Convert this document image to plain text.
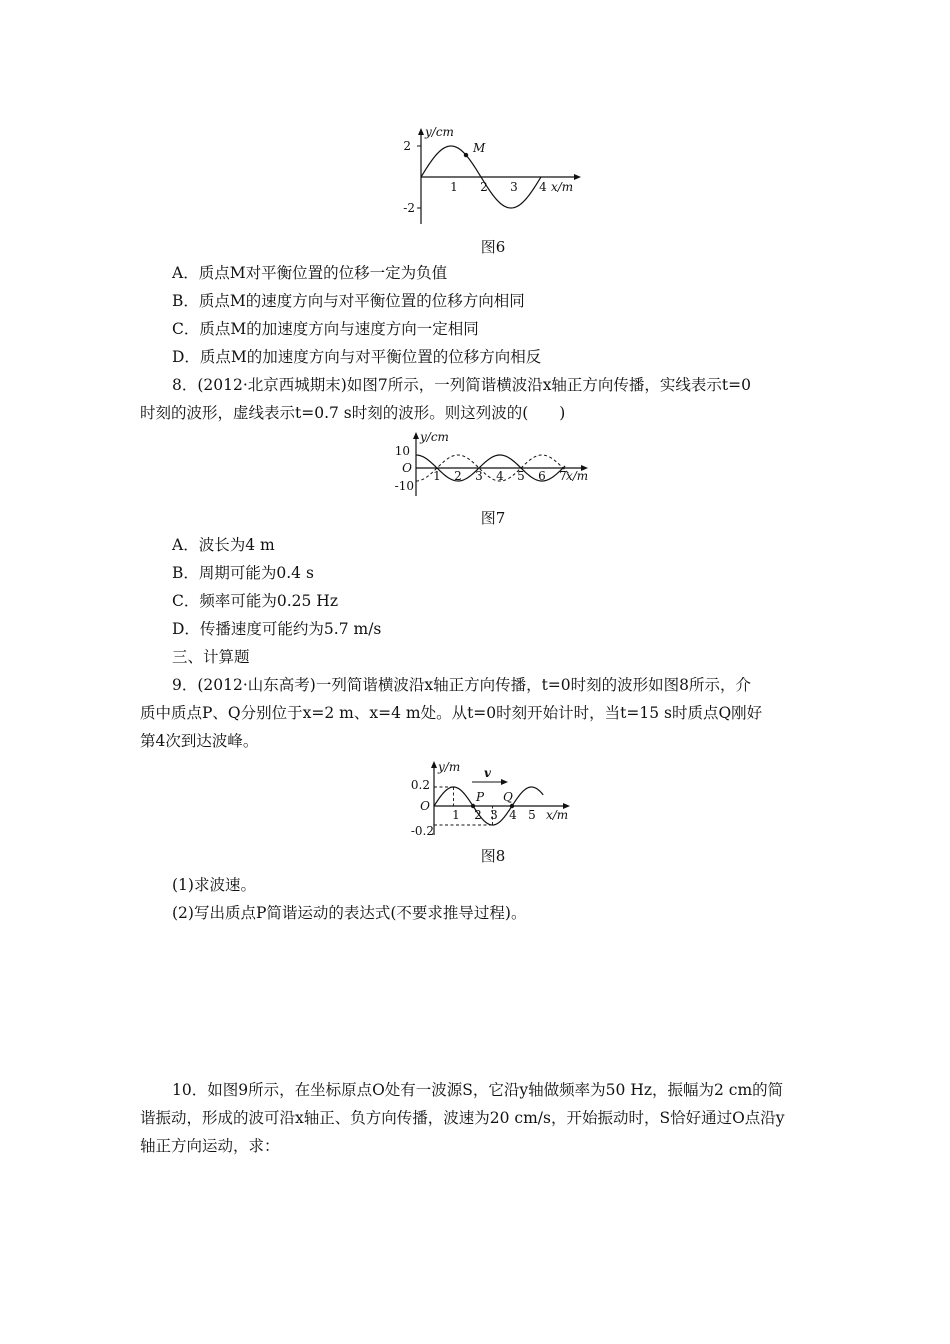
y/cm
2
-2
1 2 3 4 x/m
M
图6
A．质点M对平衡位置的位移一定为负值
B．质点M的速度方向与对平衡位置的位移方向相同
C．质点M的加速度方向与速度方向一定相同
D．质点M的加速度方向与对平衡位置的位移方向相反
8．(2012·北京西城期末)如图7所示，一列简谐横波沿x轴正方向传播，实线表示t=0
时刻的波形，虚线表示t=0.7 s时刻的波形。则这列波的(　　)
y/cm
10
O
-10
1 2 3 4 5 6 7 x/m
图7
A．波长为4 m
B．周期可能为0.4 s
C．频率可能为0.25 Hz
D．传播速度可能约为5.7 m/s
三、计算题
9．(2012·山东高考)一列简谐横波沿x轴正方向传播，t=0时刻的波形如图8所示，介
质中质点P、Q分别位于x=2 m、x=4 m处。从t=0时刻开始计时，当t=15 s时质点Q刚好
第4次到达波峰。
y/m
0.2
O
-0.2
1 2 3 4 5 x/m
P Q
v
图8
(1)求波速。
(2)写出质点P简谐运动的表达式(不要求推导过程)。
10．如图9所示，在坐标原点O处有一波源S，它沿y轴做频率为50 Hz，振幅为2 cm的简
谐振动，形成的波可沿x轴正、负方向传播，波速为20 cm/s，开始振动时，S恰好通过O点沿y
轴正方向运动，求：
